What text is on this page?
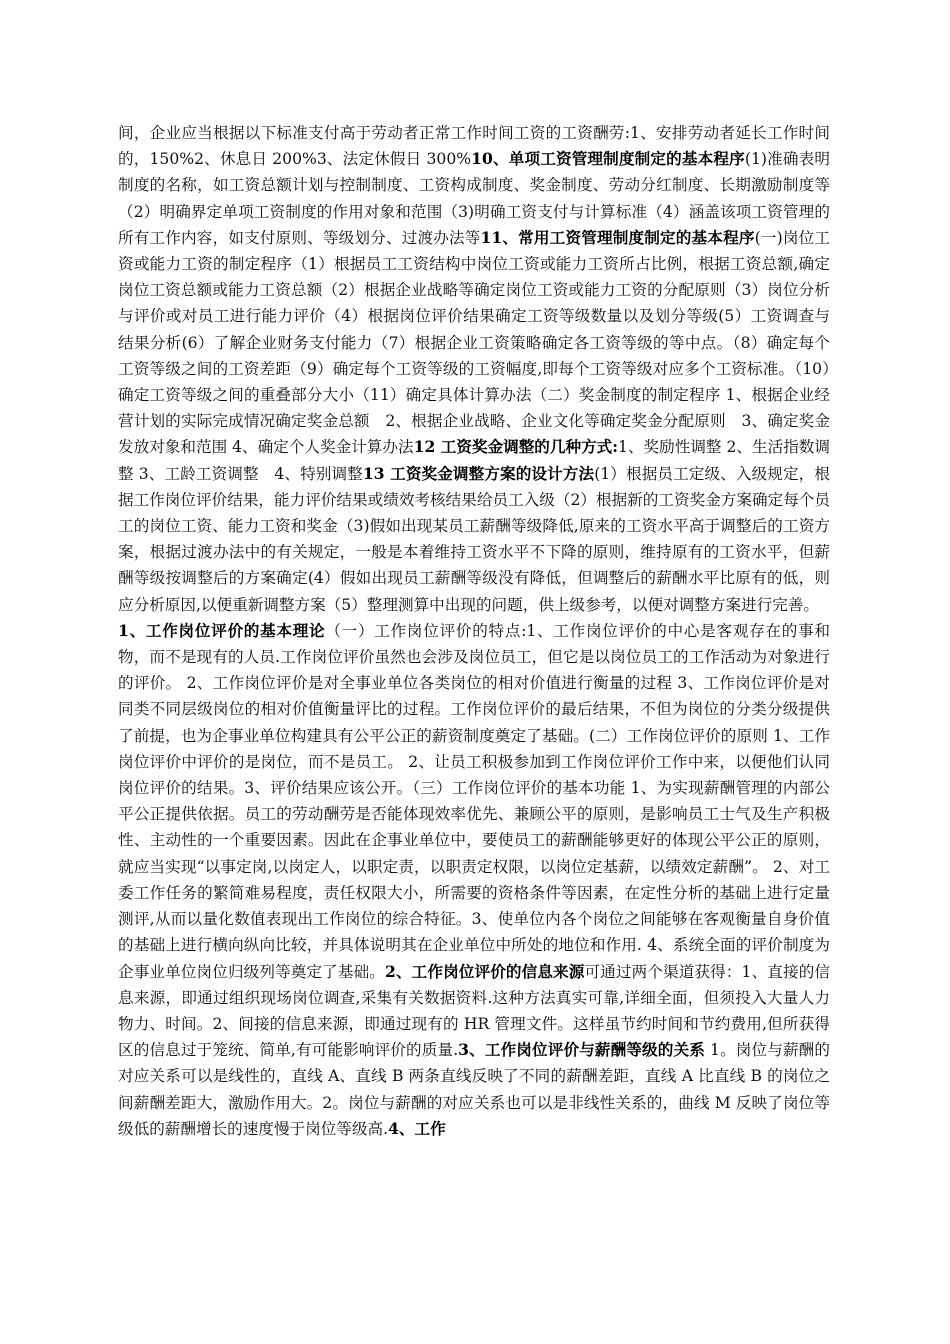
间，企业应当根据以下标准支付高于劳动者正常工作时间工资的工资酬劳:1、安排劳动者延长工作时间的，150%2、休息日 200%3、法定休假日 300%10、单项工资管理制度制定的基本程序(1)准确表明制度的名称，如工资总额计划与控制制度、工资构成制度、奖金制度、劳动分红制度、长期激励制度等（2）明确界定单项工资制度的作用对象和范围（3)明确工资支付与计算标准（4）涵盖该项工资管理的所有工作内容，如支付原则、等级划分、过渡办法等11、常用工资管理制度制定的基本程序(一)岗位工资或能力工资的制定程序（1）根据员工工资结构中岗位工资或能力工资所占比例，根据工资总额,确定岗位工资总额或能力工资总额（2）根据企业战略等确定岗位工资或能力工资的分配原则（3）岗位分析与评价或对员工进行能力评价（4）根据岗位评价结果确定工资等级数量以及划分等级(5）工资调查与结果分析(6）了解企业财务支付能力（7）根据企业工资策略确定各工资等级的等中点。（8）确定每个工资等级之间的工资差距（9）确定每个工资等级的工资幅度,即每个工资等级对应多个工资标准。（10）确定工资等级之间的重叠部分大小（11）确定具体计算办法（二）奖金制度的制定程序 1、根据企业经营计划的实际完成情况确定奖金总额　2、根据企业战略、企业文化等确定奖金分配原则　3、确定奖金发放对象和范围 4、确定个人奖金计算办法12 工资奖金调整的几种方式:1、奖励性调整 2、生活指数调整 3、工龄工资调整　4、特别调整13 工资奖金调整方案的设计方法(1）根据员工定级、入级规定，根据工作岗位评价结果，能力评价结果或绩效考核结果给员工入级（2）根据新的工资奖金方案确定每个员工的岗位工资、能力工资和奖金（3)假如出现某员工薪酬等级降低,原来的工资水平高于调整后的工资方案，根据过渡办法中的有关规定，一般是本着维持工资水平不下降的原则，维持原有的工资水平，但薪酬等级按调整后的方案确定(4）假如出现员工薪酬等级没有降低，但调整后的薪酬水平比原有的低，则应分析原因,以便重新调整方案（5）整理测算中出现的问题，供上级参考，以便对调整方案进行完善。

1、工作岗位评价的基本理论（一）工作岗位评价的特点:1、工作岗位评价的中心是客观存在的事和物，而不是现有的人员.工作岗位评价虽然也会涉及岗位员工，但它是以岗位员工的工作活动为对象进行的评价。 2、工作岗位评价是对全事业单位各类岗位的相对价值进行衡量的过程 3、工作岗位评价是对同类不同层级岗位的相对价值衡量评比的过程。工作岗位评价的最后结果，不但为岗位的分类分级提供了前提，也为企事业单位构建具有公平公正的薪资制度奠定了基础。(二）工作岗位评价的原则 1、工作岗位评价中评价的是岗位，而不是员工。 2、让员工积极参加到工作岗位评价工作中来，以便他们认同岗位评价的结果。3、评价结果应该公开。（三）工作岗位评价的基本功能 1、为实现薪酬管理的内部公平公正提供依据。员工的劳动酬劳是否能体现效率优先、兼顾公平的原则，是影响员工士气及生产积极性、主动性的一个重要因素。因此在企事业单位中，要使员工的薪酬能够更好的体现公平公正的原则，就应当实现“以事定岗,以岗定人，以职定责，以职责定权限，以岗位定基薪，以绩效定薪酬”。 2、对工委工作任务的繁简难易程度，责任权限大小，所需要的资格条件等因素，在定性分析的基础上进行定量测评,从而以量化数值表现出工作岗位的综合特征。3、使单位内各个岗位之间能够在客观衡量自身价值的基础上进行横向纵向比较，并具体说明其在企业单位中所处的地位和作用. 4、系统全面的评价制度为企事业单位岗位归级列等奠定了基础。2、工作岗位评价的信息来源可通过两个渠道获得：1、直接的信息来源，即通过组织现场岗位调查,采集有关数据资料.这种方法真实可靠,详细全面，但须投入大量人力物力、时间。2、间接的信息来源，即通过现有的 HR 管理文件。这样虽节约时间和节约费用,但所获得区的信息过于笼统、简单,有可能影响评价的质量.3、工作岗位评价与薪酬等级的关系 1。岗位与薪酬的对应关系可以是线性的，直线 A、直线 B 两条直线反映了不同的薪酬差距，直线 A 比直线 B 的岗位之间薪酬差距大，激励作用大。2。岗位与薪酬的对应关系也可以是非线性关系的，曲线 M 反映了岗位等级低的薪酬增长的速度慢于岗位等级高.4、工作
